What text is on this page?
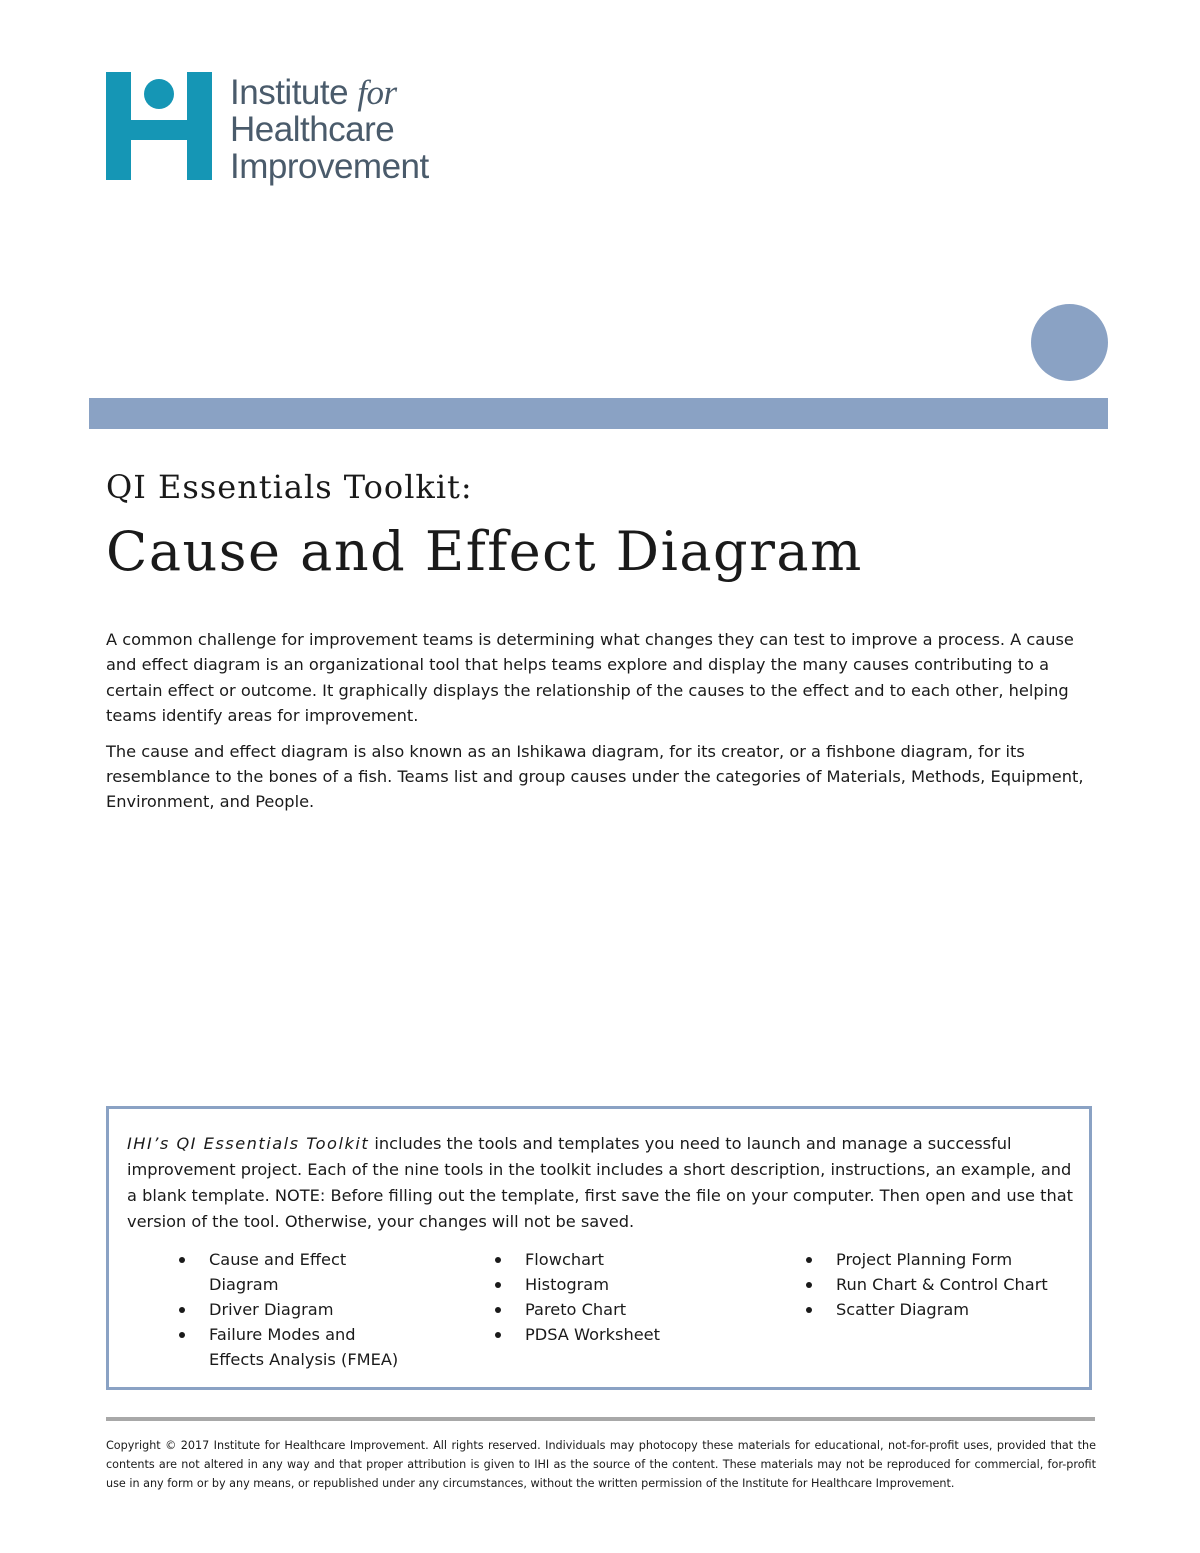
Institute for
Healthcare
Improvement
QI Essentials Toolkit:
Cause and Effect Diagram

A common challenge for improvement teams is determining what changes they can test to improve a process. A cause and effect diagram is an organizational tool that helps teams explore and display the many causes contributing to a certain effect or outcome. It graphically displays the relationship of the causes to the effect and to each other, helping teams identify areas for improvement.

The cause and effect diagram is also known as an Ishikawa diagram, for its creator, or a fishbone diagram, for its resemblance to the bones of a fish. Teams list and group causes under the categories of Materials, Methods, Equipment, Environment, and People.

IHI’s QI Essentials Toolkit includes the tools and templates you need to launch and manage a successful improvement project. Each of the nine tools in the toolkit includes a short description, instructions, an example, and a blank template. NOTE: Before filling out the template, first save the file on your computer. Then open and use that version of the tool. Otherwise, your changes will not be saved.

Cause and Effect Diagram
Driver Diagram
Failure Modes and Effects Analysis (FMEA)
Flowchart
Histogram
Pareto Chart
PDSA Worksheet
Project Planning Form
Run Chart & Control Chart
Scatter Diagram

Copyright © 2017 Institute for Healthcare Improvement. All rights reserved. Individuals may photocopy these materials for educational, not-for-profit uses, provided that the contents are not altered in any way and that proper attribution is given to IHI as the source of the content. These materials may not be reproduced for commercial, for-profit use in any form or by any means, or republished under any circumstances, without the written permission of the Institute for Healthcare Improvement.
